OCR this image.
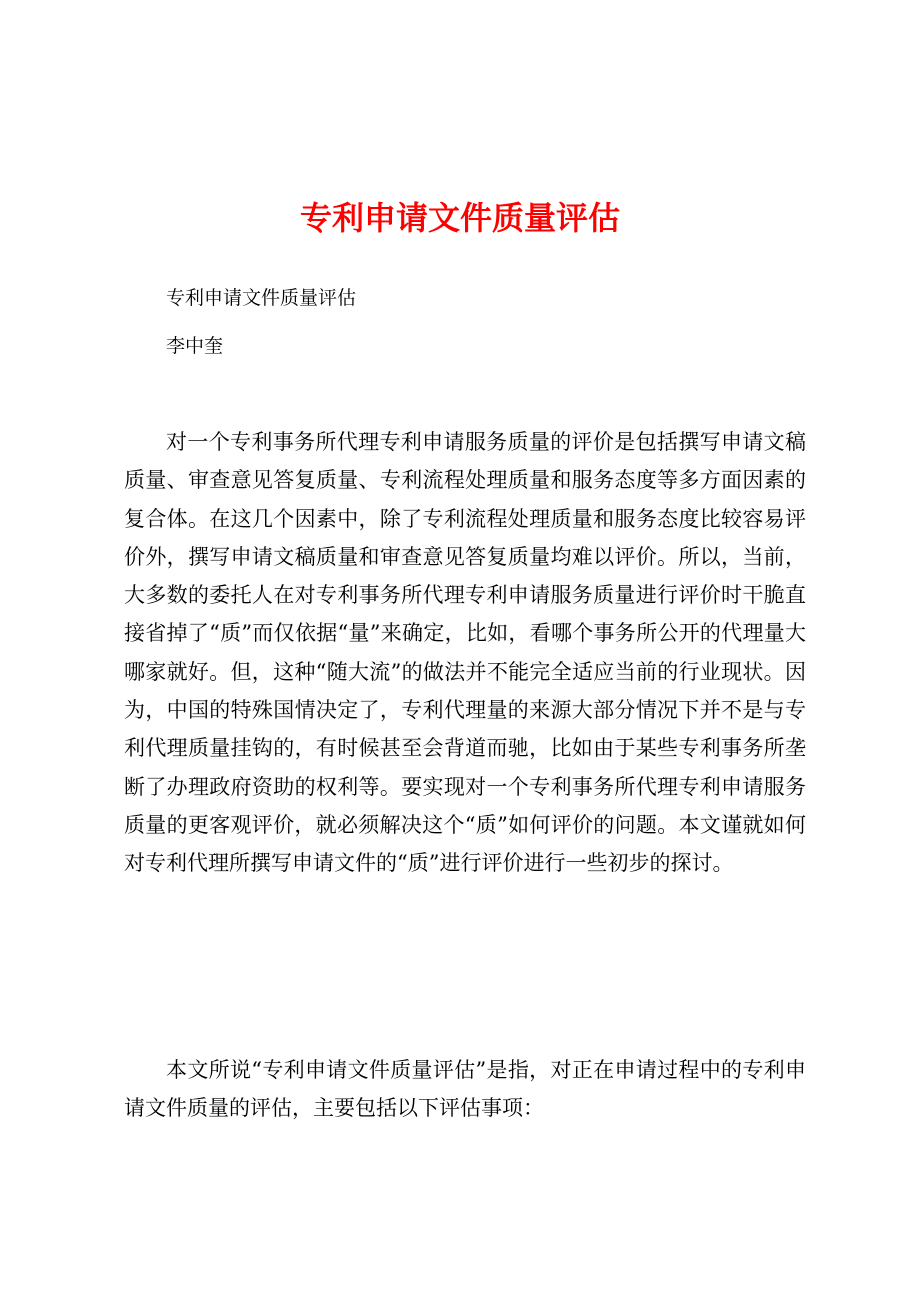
专利申请文件质量评估

专利申请文件质量评估

李中奎

对一个专利事务所代理专利申请服务质量的评价是包括撰写申请文稿质量、审查意见答复质量、专利流程处理质量和服务态度等多方面因素的复合体。在这几个因素中，除了专利流程处理质量和服务态度比较容易评价外，撰写申请文稿质量和审查意见答复质量均难以评价。所以，当前，大多数的委托人在对专利事务所代理专利申请服务质量进行评价时干脆直接省掉了“质”而仅依据“量”来确定，比如，看哪个事务所公开的代理量大哪家就好。但，这种“随大流”的做法并不能完全适应当前的行业现状。因为，中国的特殊国情决定了，专利代理量的来源大部分情况下并不是与专利代理质量挂钩的，有时候甚至会背道而驰，比如由于某些专利事务所垄断了办理政府资助的权利等。要实现对一个专利事务所代理专利申请服务质量的更客观评价，就必须解决这个“质”如何评价的问题。本文谨就如何对专利代理所撰写申请文件的“质”进行评价进行一些初步的探讨。

本文所说“专利申请文件质量评估”是指，对正在申请过程中的专利申请文件质量的评估，主要包括以下评估事项：
